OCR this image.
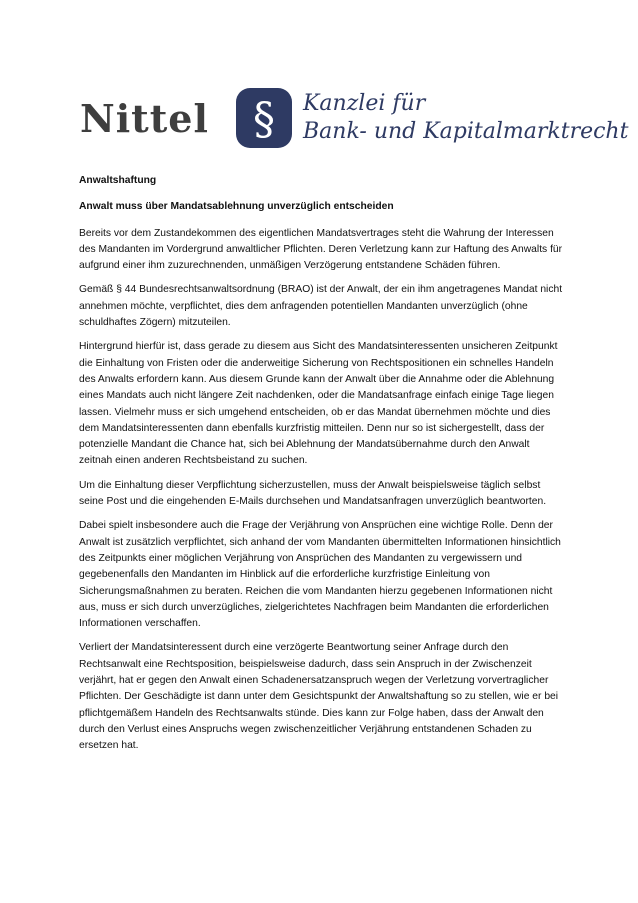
Nittel § Kanzlei für
Bank- und Kapitalmarktrecht
Anwaltshaftung
Anwalt muss über Mandatsablehnung unverzüglich entscheiden

Bereits vor dem Zustandekommen des eigentlichen Mandatsvertrages steht die Wahrung der Interessen des Mandanten im Vordergrund anwaltlicher Pflichten. Deren Verletzung kann zur Haftung des Anwalts für aufgrund einer ihm zuzurechnenden, unmäßigen Verzögerung entstandene Schäden führen.

Gemäß § 44 Bundesrechtsanwaltsordnung (BRAO) ist der Anwalt, der ein ihm angetragenes Mandat nicht annehmen möchte, verpflichtet, dies dem anfragenden potentiellen Mandanten unverzüglich (ohne schuldhaftes Zögern) mitzuteilen.

Hintergrund hierfür ist, dass gerade zu diesem aus Sicht des Mandatsinteressenten unsicheren Zeitpunkt die Einhaltung von Fristen oder die anderweitige Sicherung von Rechtspositionen ein schnelles Handeln des Anwalts erfordern kann. Aus diesem Grunde kann der Anwalt über die Annahme oder die Ablehnung eines Mandats auch nicht längere Zeit nachdenken, oder die Mandatsanfrage einfach einige Tage liegen lassen. Vielmehr muss er sich umgehend entscheiden, ob er das Mandat übernehmen möchte und dies dem Mandatsinteressenten dann ebenfalls kurzfristig mitteilen. Denn nur so ist sichergestellt, dass der potenzielle Mandant die Chance hat, sich bei Ablehnung der Mandatsübernahme durch den Anwalt zeitnah einen anderen Rechtsbeistand zu suchen.

Um die Einhaltung dieser Verpflichtung sicherzustellen, muss der Anwalt beispielsweise täglich selbst seine Post und die eingehenden E-Mails durchsehen und Mandatsanfragen unverzüglich beantworten.

Dabei spielt insbesondere auch die Frage der Verjährung von Ansprüchen eine wichtige Rolle. Denn der Anwalt ist zusätzlich verpflichtet, sich anhand der vom Mandanten übermittelten Informationen hinsichtlich des Zeitpunkts einer möglichen Verjährung von Ansprüchen des Mandanten zu vergewissern und gegebenenfalls den Mandanten im Hinblick auf die erforderliche kurzfristige Einleitung von Sicherungsmaßnahmen zu beraten. Reichen die vom Mandanten hierzu gegebenen Informationen nicht aus, muss er sich durch unverzügliches, zielgerichtetes Nachfragen beim Mandanten die erforderlichen Informationen verschaffen.

Verliert der Mandatsinteressent durch eine verzögerte Beantwortung seiner Anfrage durch den Rechtsanwalt eine Rechtsposition, beispielsweise dadurch, dass sein Anspruch in der Zwischenzeit verjährt, hat er gegen den Anwalt einen Schadenersatzanspruch wegen der Verletzung vorvertraglicher Pflichten. Der Geschädigte ist dann unter dem Gesichtspunkt der Anwaltshaftung so zu stellen, wie er bei pflichtgemäßem Handeln des Rechtsanwalts stünde. Dies kann zur Folge haben, dass der Anwalt den durch den Verlust eines Anspruchs wegen zwischenzeitlicher Verjährung entstandenen Schaden zu ersetzen hat.
